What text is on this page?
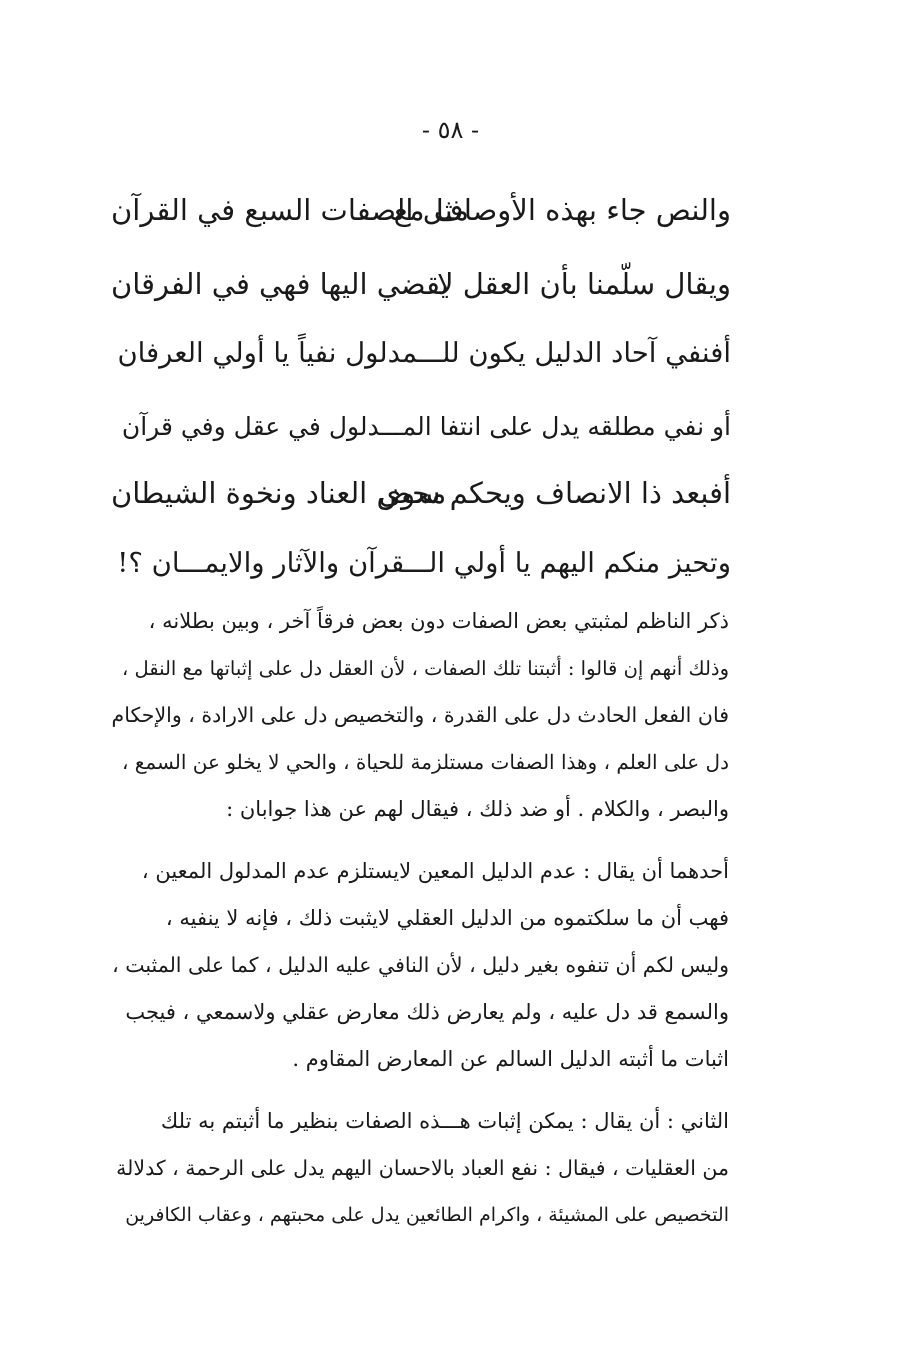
- ٥٨ -
والنص جاء بهذه الأوصاف مع
مثل الصفات السبع في القرآن
ويقال سلّمنا بأن العقل لا
يقضي اليها فهي في الفرقان
أفنفي آحاد الدليل يكون للـــمدلول نفياً يا أولي العرفان
أو نفي مطلقه يدل على انتفا المـــدلول في عقل وفي قرآن
أفبعد ذا الانصاف ويحكم سوى
محض العناد ونخوة الشيطان
وتحيز منكم اليهم يا أولي الـــقرآن والآثار والايمـــان ؟!
ذكر الناظم لمثبتي بعض الصفات دون بعض فرقاً آخر ، وبين بطلانه ،
وذلك أنهم إن قالوا : أثبتنا تلك الصفات ، لأن العقل دل على إثباتها مع النقل ،
فان الفعل الحادث دل على القدرة ، والتخصيص دل على الارادة ، والإحكام
دل على العلم ، وهذا الصفات مستلزمة للحياة ، والحي لا يخلو عن السمع ،
والبصر ، والكلام . أو ضد ذلك ، فيقال لهم عن هذا جوابان :
أحدهما أن يقال : عدم الدليل المعين لايستلزم عدم المدلول المعين ،
فهب أن ما سلكتموه من الدليل العقلي لايثبت ذلك ، فإنه لا ينفيه ،
وليس لكم أن تنفوه بغير دليل ، لأن النافي عليه الدليل ، كما على المثبت ،
والسمع قد دل عليه ، ولم يعارض ذلك معارض عقلي ولاسمعي ، فيجب
اثبات ما أثبته الدليل السالم عن المعارض المقاوم .
الثاني : أن يقال : يمكن إثبات هـــذه الصفات بنظير ما أثبتم به تلك
من العقليات ، فيقال : نفع العباد بالاحسان اليهم يدل على الرحمة ، كدلالة
التخصيص على المشيئة ، واكرام الطائعين يدل على محبتهم ، وعقاب الكافرين
